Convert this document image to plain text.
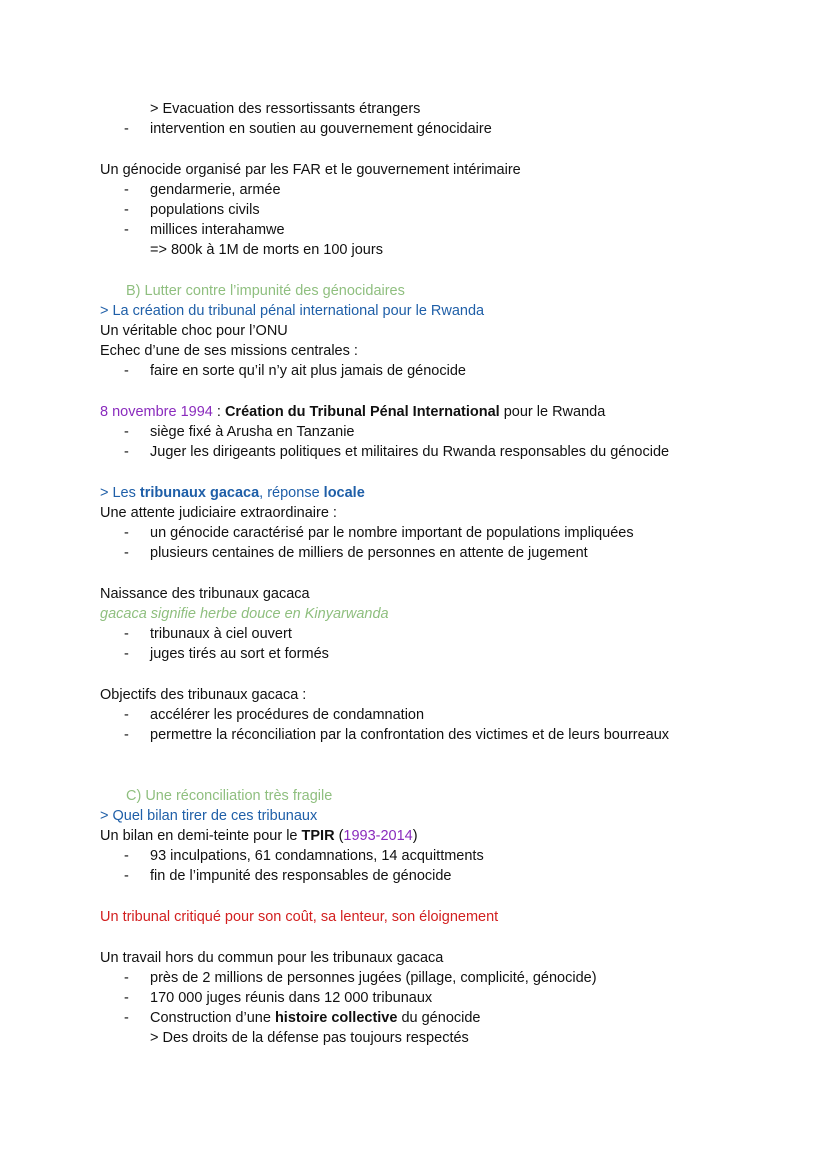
> Evacuation des ressortissants étrangers
- intervention en soutien au gouvernement génocidaire
Un génocide organisé par les FAR et le gouvernement intérimaire
- gendarmerie, armée
- populations civils
- millices interahamwe
=> 800k à 1M de morts en 100 jours
B) Lutter contre l’impunité des génocidaires
> La création du tribunal pénal international pour le Rwanda
Un véritable choc pour l’ONU
Echec d’une de ses missions centrales :
- faire en sorte qu’il n’y ait plus jamais de génocide
8 novembre 1994 : Création du Tribunal Pénal International pour le Rwanda
- siège fixé à Arusha en Tanzanie
- Juger les dirigeants politiques et militaires du Rwanda responsables du génocide
> Les tribunaux gacaca, réponse locale
Une attente judiciaire extraordinaire :
- un génocide caractérisé par le nombre important de populations impliquées
- plusieurs centaines de milliers de personnes en attente de jugement
Naissance des tribunaux gacaca
gacaca signifie herbe douce en Kinyarwanda
- tribunaux à ciel ouvert
- juges tirés au sort et formés
Objectifs des tribunaux gacaca :
- accélérer les procédures de condamnation
- permettre la réconciliation par la confrontation des victimes et de leurs bourreaux
C) Une réconciliation très fragile
> Quel bilan tirer de ces tribunaux
Un bilan en demi-teinte pour le TPIR (1993-2014)
- 93 inculpations, 61 condamnations, 14 acquittments
- fin de l’impunité des responsables de génocide
Un tribunal critiqué pour son coût, sa lenteur, son éloignement
Un travail hors du commun pour les tribunaux gacaca
- près de 2 millions de personnes jugées (pillage, complicité, génocide)
- 170 000 juges réunis dans 12 000 tribunaux
- Construction d’une histoire collective du génocide
> Des droits de la défense pas toujours respectés
